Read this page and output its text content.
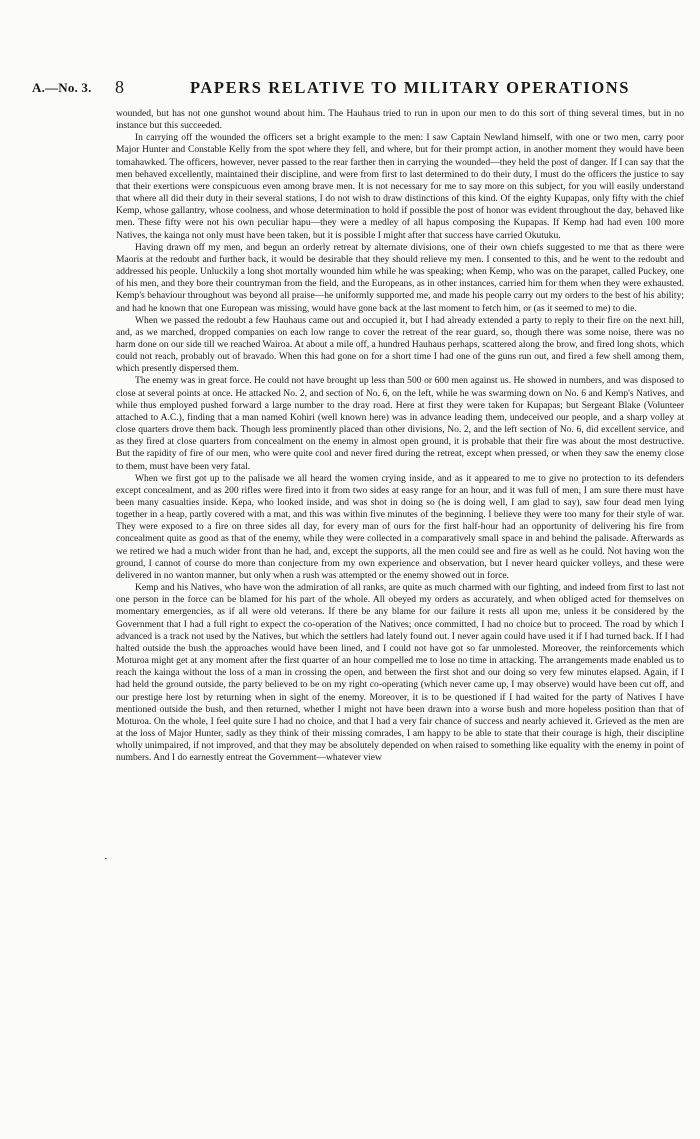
A.—No. 3. 8	PAPERS RELATIVE TO MILITARY OPERATIONS

wounded, but has not one gunshot wound about him. The Hauhaus tried to run in upon our men to do this sort of thing several times, but in no instance but this succeeded.

In carrying off the wounded the officers set a bright example to the men: I saw Captain Newland himself, with one or two men, carry poor Major Hunter and Constable Kelly from the spot where they fell, and where, but for their prompt action, in another moment they would have been tomahawked. The officers, however, never passed to the rear farther then in carrying the wounded—they held the post of danger. If I can say that the men behaved excellently, maintained their discipline, and were from first to last determined to do their duty, I must do the officers the justice to say that their exertions were conspicuous even among brave men. It is not necessary for me to say more on this subject, for you will easily understand that where all did their duty in their several stations, I do not wish to draw distinctions of this kind. Of the eighty Kupapas, only fifty with the chief Kemp, whose gallantry, whose coolness, and whose determination to hold if possible the post of honor was evident throughout the day, behaved like men. These fifty were not his own peculiar hapu—they were a medley of all hapus composing the Kupapas. If Kemp had had even 100 more Natives, the kainga not only must have been taken, but it is possible I might after that success have carried Okutuku.

Having drawn off my men, and begun an orderly retreat by alternate divisions, one of their own chiefs suggested to me that as there were Maoris at the redoubt and further back, it would be desirable that they should relieve my men. I consented to this, and he went to the redoubt and addressed his people. Unluckily a long shot mortally wounded him while he was speaking; when Kemp, who was on the parapet, called Puckey, one of his men, and they bore their countryman from the field, and the Europeans, as in other instances, carried him for them when they were exhausted. Kemp's behaviour throughout was beyond all praise—he uniformly supported me, and made his people carry out my orders to the best of his ability; and had he known that one European was missing, would have gone back at the last moment to fetch him, or (as it seemed to me) to die.

When we passed the redoubt a few Hauhaus came out and occupied it, but I had already extended a party to reply to their fire on the next hill, and, as we marched, dropped companies on each low range to cover the retreat of the rear guard, so, though there was some noise, there was no harm done on our side till we reached Wairoa. At about a mile off, a hundred Hauhaus perhaps, scattered along the brow, and fired long shots, which could not reach, probably out of bravado. When this had gone on for a short time I had one of the guns run out, and fired a few shell among them, which presently dispersed them.

The enemy was in great force. He could not have brought up less than 500 or 600 men against us. He showed in numbers, and was disposed to close at several points at once. He attacked No. 2, and section of No. 6, on the left, while he was swarming down on No. 6 and Kemp's Natives, and while thus employed pushed forward a large number to the dray road. Here at first they were taken for Kupapas; but Sergeant Blake (Volunteer attached to A.C.), finding that a man named Kohiri (well known here) was in advance leading them, undeceived our people, and a sharp volley at close quarters drove them back. Though less prominently placed than other divisions, No. 2, and the left section of No. 6, did excellent service, and as they fired at close quarters from concealment on the enemy in almost open ground, it is probable that their fire was about the most destructive. But the rapidity of fire of our men, who were quite cool and never fired during the retreat, except when pressed, or when they saw the enemy close to them, must have been very fatal.

When we first got up to the palisade we all heard the women crying inside, and as it appeared to me to give no protection to its defenders except concealment, and as 200 rifles were fired into it from two sides at easy range for an hour, and it was full of men, I am sure there must have been many casualties inside. Kepa, who looked inside, and was shot in doing so (he is doing well, I am glad to say), saw four dead men lying together in a heap, partly covered with a mat, and this was within five minutes of the beginning. I believe they were too many for their style of war. They were exposed to a fire on three sides all day, for every man of ours for the first half-hour had an opportunity of delivering his fire from concealment quite as good as that of the enemy, while they were collected in a comparatively small space in and behind the palisade. Afterwards as we retired we had a much wider front than he had, and, except the supports, all the men could see and fire as well as he could. Not having won the ground, I cannot of course do more than conjecture from my own experience and observation, but I never heard quicker volleys, and these were delivered in no wanton manner, but only when a rush was attempted or the enemy showed out in force.

Kemp and his Natives, who have won the admiration of all ranks, are quite as much charmed with our fighting, and indeed from first to last not one person in the force can be blamed for his part of the whole. All obeyed my orders as accurately, and when obliged acted for themselves on momentary emergencies, as if all were old veterans. If there be any blame for our failure it rests all upon me, unless it be considered by the Government that I had a full right to expect the co-operation of the Natives; once committed, I had no choice but to proceed. The road by which I advanced is a track not used by the Natives, but which the settlers had lately found out. I never again could have used it if I had turned back. If I had halted outside the bush the approaches would have been lined, and I could not have got so far unmolested. Moreover, the reinforcements which Moturoa might get at any moment after the first quarter of an hour compelled me to lose no time in attacking. The arrangements made enabled us to reach the kainga without the loss of a man in crossing the open, and between the first shot and our doing so very few minutes elapsed. Again, if I had held the ground outside, the party believed to be on my right co-operating (which never came up, I may observe) would have been cut off, and our prestige here lost by returning when in sight of the enemy. Moreover, it is to be questioned if I had waited for the party of Natives I have mentioned outside the bush, and then returned, whether I might not have been drawn into a worse bush and more hopeless position than that of Moturoa. On the whole, I feel quite sure I had no choice, and that I had a very fair chance of success and nearly achieved it. Grieved as the men are at the loss of Major Hunter, sadly as they think of their missing comrades, I am happy to be able to state that their courage is high, their discipline wholly unimpaired, if not improved, and that they may be absolutely depended on when raised to something like equality with the enemy in point of numbers. And I do earnestly entreat the Government—whatever view

·
